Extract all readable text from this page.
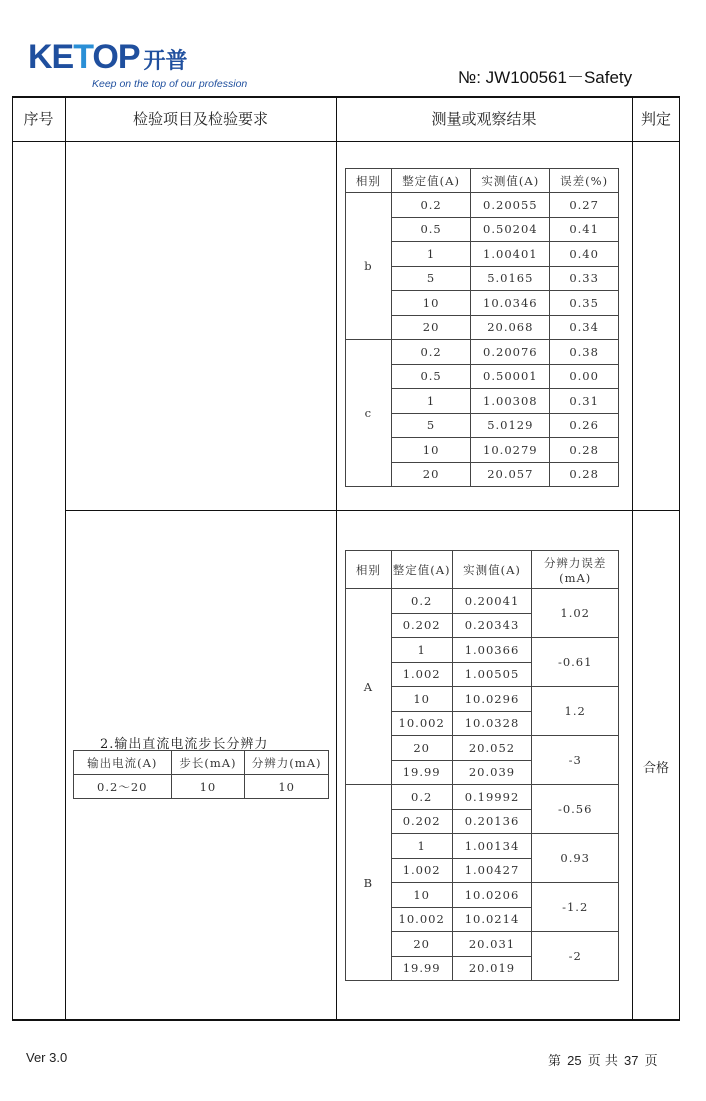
KETOP 开普
Keep on the top of our profession	№: JW100561－Safety
序号	检验项目及检验要求	测量或观察结果	判定
相别	整定值(A)	实测值(A)	误差(%)
b	0.2	0.20055	0.27
	0.5	0.50204	0.41
	1	1.00401	0.40
	5	5.0165	0.33
	10	10.0346	0.35
	20	20.068	0.34
c	0.2	0.20076	0.38
	0.5	0.50001	0.00
	1	1.00308	0.31
	5	5.0129	0.26
	10	10.0279	0.28
	20	20.057	0.28
2.输出直流电流步长分辨力
输出电流(A)	步长(mA)	分辨力(mA)
0.2～20	10	10
相别	整定值(A)	实测值(A)	分辨力误差(mA)
A	0.2	0.20041	1.02
	0.202	0.20343	
	1	1.00366	-0.61
	1.002	1.00505	
	10	10.0296	1.2
	10.002	10.0328	
	20	20.052	-3
	19.99	20.039	
B	0.2	0.19992	-0.56
	0.202	0.20136	
	1	1.00134	0.93
	1.002	1.00427	
	10	10.0206	-1.2
	10.002	10.0214	
	20	20.031	-2
	19.99	20.019	
合格
Ver 3.0	第 25 页 共 37 页
